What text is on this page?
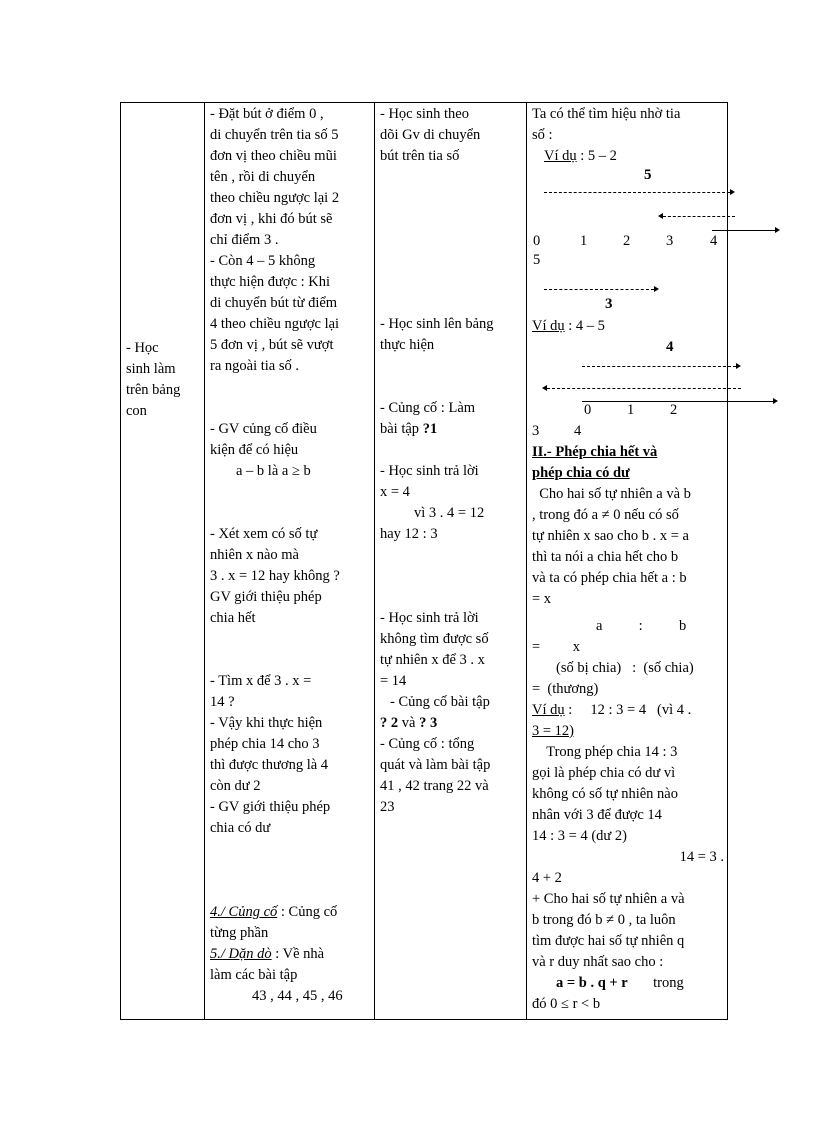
- Học

sinh làm

trên bảng

con

- Đặt bút ở điểm 0 ,

di chuyển trên tia số 5

đơn vị theo chiều mũi

tên , rồi di chuyển

theo chiều ngược lại 2

đơn vị , khi đó bút sẽ

chỉ điểm 3 .

- Còn 4 – 5 không

thực hiện được : Khi

di chuyển bút từ điểm

4 theo chiều ngược lại

5 đơn vị , bút sẽ vượt

ra ngoài tia số .

- GV củng cố điều

kiện để có hiệu

a – b là a ≥ b

- Xét xem có số tự

nhiên x nào mà

3 . x = 12 hay không ?

GV giới thiệu phép

chia hết

- Tìm x để 3 . x =

14 ?

- Vậy khi thực hiện

phép chia 14 cho 3

thì được thương là 4

còn dư 2

- GV giới thiệu phép

chia có dư

4./ Củng cố : Củng cố

từng phần

5./ Dặn dò : Về nhà

làm các bài tập

43 , 44 , 45 , 46

- Học sinh theo

dõi Gv di chuyển

bút trên tia số

- Học sinh lên bảng

thực hiện

- Củng cố : Làm

bài tập ?1

- Học sinh trả lời

x = 4

vì 3 . 4 = 12

hay 12 : 3

- Học sinh trả lời

không tìm được số

tự nhiên x để 3 . x

= 14

- Củng cố bài tập

? 2 và ? 3

- Củng cố : tổng

quát và làm bài tập

41 , 42 trang 22 và

23

Ta có thể tìm hiệu nhờ tia

số :

Ví dụ : 5 – 2

5
0	1 2 3	4
5
3
Ví dụ : 4 – 5
4
0 1 2
3 4

II.- Phép chia hết và

phép chia có dư

Cho hai số tự nhiên a và b

, trong đó a ≠ 0 nếu có số

tự nhiên x sao cho b . x = a

thì ta nói a chia hết cho b

và ta có phép chia hết a : b

= x

a          :          b

=         x

(số bị chia)   :  (số chia)

=  (thương)

Ví dụ :     12 : 3 = 4   (vì 4 .

3 = 12)

Trong phép chia 14 : 3

gọi là phép chia có dư vì

không có số tự nhiên nào

nhân với 3 để được 14

14 : 3 = 4 (dư 2)

14 = 3 .

4 + 2

+ Cho hai số tự nhiên a và

b trong đó b ≠ 0 , ta luôn

tìm được hai số tự nhiên q

và r duy nhất sao cho :

a = b . q + r       trong

đó 0 ≤ r < b
